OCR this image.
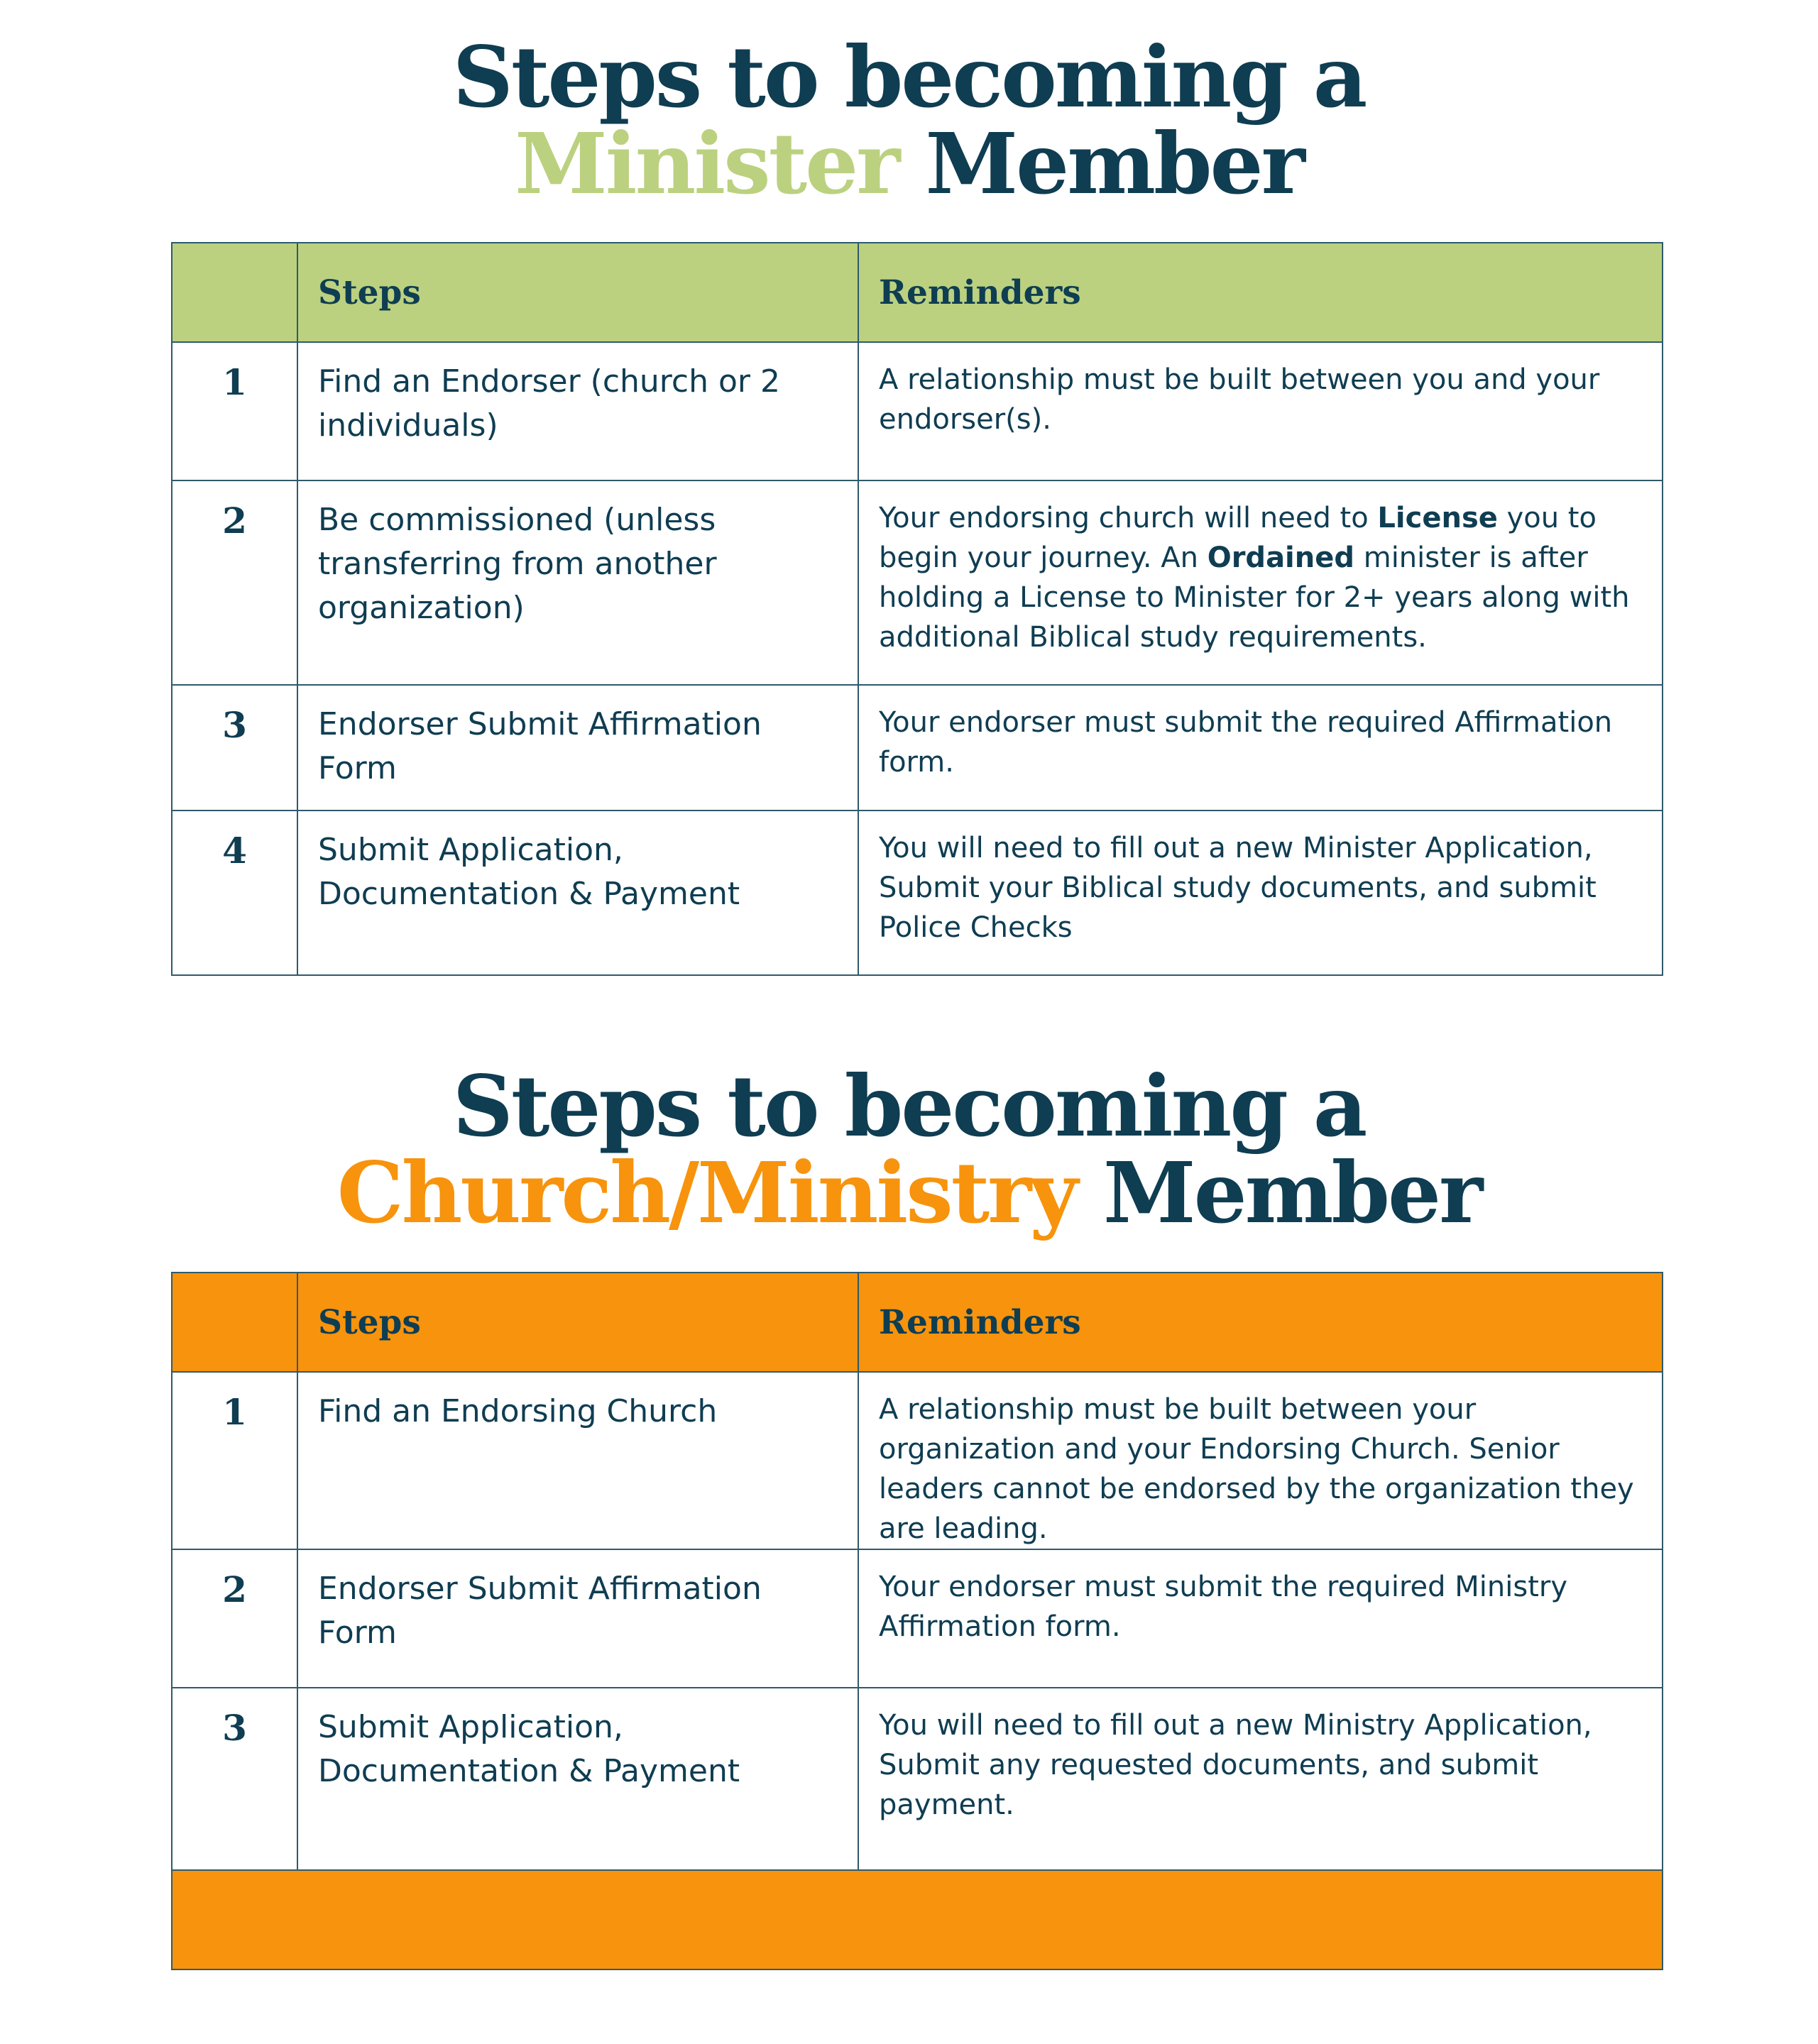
Steps to becoming a
Minister Member
	Steps	Reminders
1	Find an Endorser (church or 2 individuals)	A relationship must be built between you and your endorser(s).
2	Be commissioned (unless transferring from another organization)	Your endorsing church will need to License you to begin your journey. An Ordained minister is after holding a License to Minister for 2+ years along with additional Biblical study requirements.
3	Endorser Submit Affirmation Form	Your endorser must submit the required Affirmation form.
4	Submit Application, Documentation & Payment	You will need to fill out a new Minister Application, Submit your Biblical study documents, and submit Police Checks
Steps to becoming a
Church/Ministry Member
	Steps	Reminders
1	Find an Endorsing Church	A relationship must be built between your organization and your Endorsing Church. Senior leaders cannot be endorsed by the organization they are leading.
2	Endorser Submit Affirmation Form	Your endorser must submit the required Ministry Affirmation form.
3	Submit Application, Documentation & Payment	You will need to fill out a new Ministry Application, Submit any requested documents, and submit payment.
